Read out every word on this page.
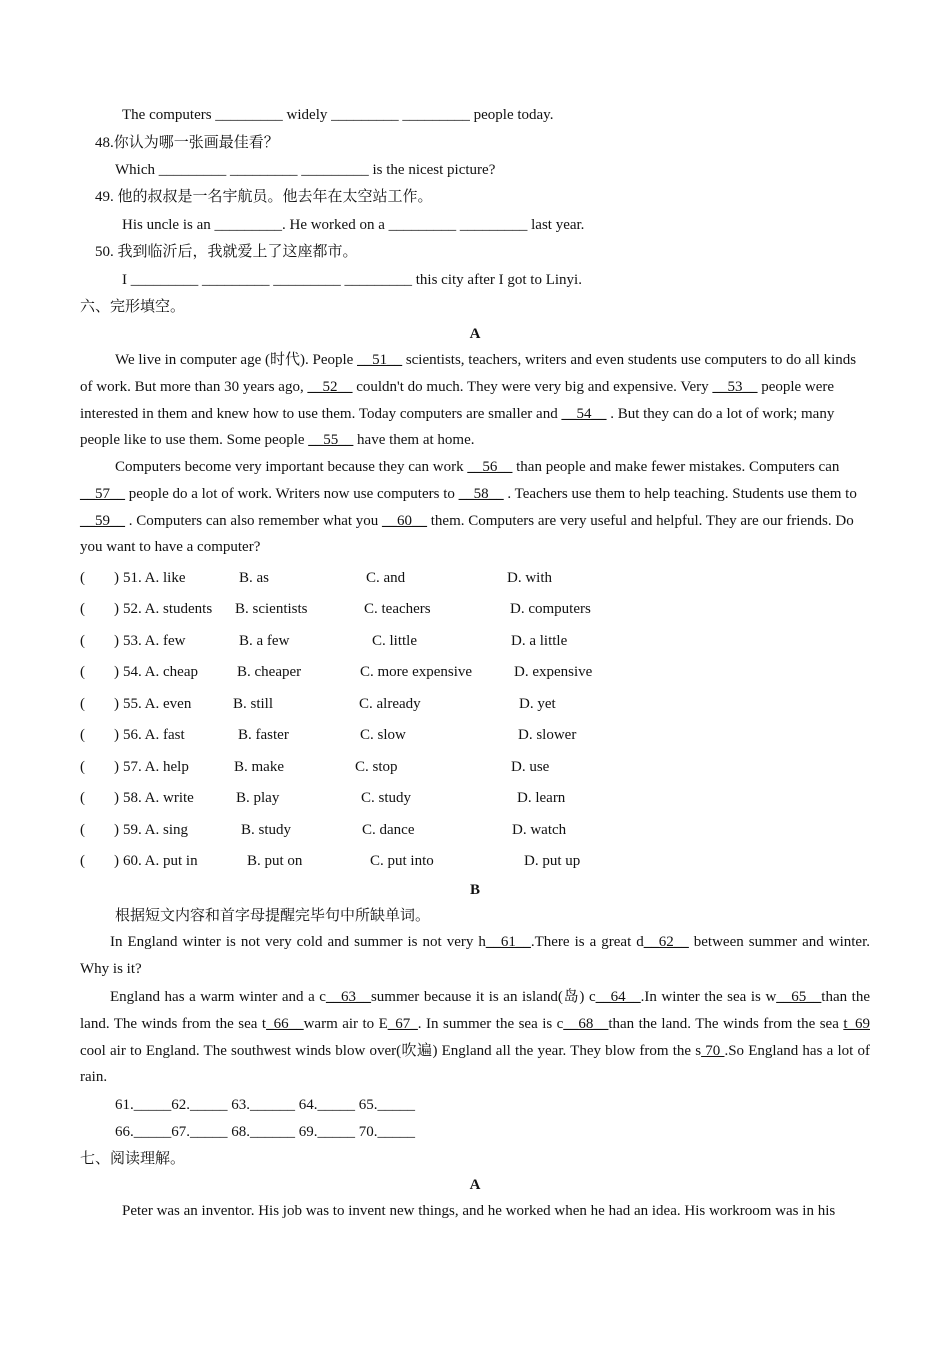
The computers _________ widely _________ _________ people today.
48.你认为哪一张画最佳看？
Which _________ _________ _________ is the nicest picture?
49. 他的叔叔是一名宇航员。他去年在太空站工作。
His uncle is an _________. He worked on a _________ _________ last year.
50. 我到临沂后，我就爱上了这座都市。
I _________ _________ _________ _________ this city after I got to Linyi.
六、完形填空。
A
We live in computer age (时代). People __51__ scientists, teachers, writers and even students use computers to do all kinds of work. But more than 30 years ago, __52__ couldn't do much. They were very big and expensive. Very __53__ people were interested in them and knew how to use them. Today computers are smaller and __54__ . But they can do a lot of work; many people like to use them. Some people __55__ have them at home.
Computers become very important because they can work __56__ than people and make fewer mistakes. Computers can __57__ people do a lot of work. Writers now use computers to __58__ . Teachers use them to help teaching. Students use them to __59__ . Computers can also remember what you __60__ them. Computers are very useful and helpful. They are our friends. Do you want to have a computer?
( ) 51. A. like	B. as	C. and	D. with
( ) 52. A. students B. scientists	C. teachers	D. computers
( ) 53. A. few	B. a few	C. little	D. a little
( ) 54. A. cheap	B. cheaper	C. more expensive	D. expensive
( ) 55. A. even	B. still	C. already	D. yet
( ) 56. A. fast	B. faster	C. slow	D. slower
( ) 57. A. help	B. make	C. stop	D. use
( ) 58. A. write	B. play	C. study	D. learn
( ) 59. A. sing	B. study	C. dance	D. watch
( ) 60. A. put in	B. put on	C. put into	D. put up
B
根据短文内容和首字母提醒完毕句中所缺单词。
In England winter is not very cold and summer is not very h__61__.There is a great d__62__ between summer and winter. Why is it?
England has a warm winter and a c__63__summer because it is an island(岛) c__64__.In winter the sea is w__65__than the land. The winds from the sea t_66__warm air to E_67_. In summer the sea is c__68__than the land. The winds from the sea t_69 cool air to England. The southwest winds blow over(吹遍) England all the year. They blow from the s 70 .So England has a lot of rain.
61._____62._____ 63.______ 64._____ 65._____
66._____67._____ 68.______ 69._____ 70._____
七、阅读理解。
A
Peter was an inventor. His job was to invent new things, and he worked when he had an idea. His workroom was in his
